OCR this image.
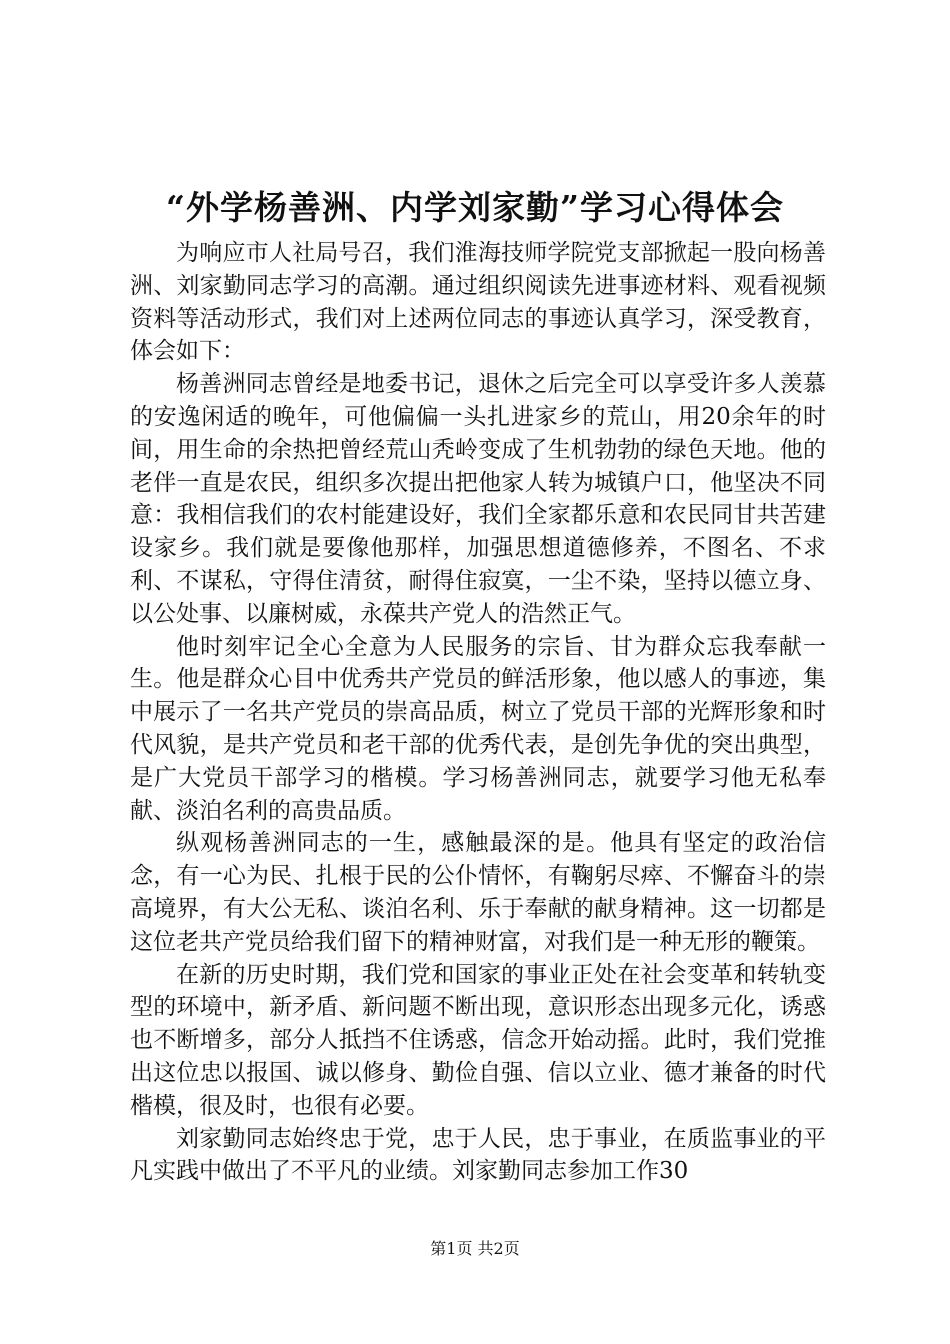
“外学杨善洲、内学刘家勤”学习心得体会

为响应市人社局号召，我们淮海技师学院党支部掀起一股向杨善洲、刘家勤同志学习的高潮。通过组织阅读先进事迹材料、观看视频资料等活动形式，我们对上述两位同志的事迹认真学习，深受教育，体会如下：

杨善洲同志曾经是地委书记，退休之后完全可以享受许多人羡慕的安逸闲适的晚年，可他偏偏一头扎进家乡的荒山，用20余年的时间，用生命的余热把曾经荒山秃岭变成了生机勃勃的绿色天地。他的老伴一直是农民，组织多次提出把他家人转为城镇户口，他坚决不同意：我相信我们的农村能建设好，我们全家都乐意和农民同甘共苦建设家乡。我们就是要像他那样，加强思想道德修养，不图名、不求利、不谋私，守得住清贫，耐得住寂寞，一尘不染，坚持以德立身、以公处事、以廉树威，永葆共产党人的浩然正气。

他时刻牢记全心全意为人民服务的宗旨、甘为群众忘我奉献一生。他是群众心目中优秀共产党员的鲜活形象，他以感人的事迹，集中展示了一名共产党员的崇高品质，树立了党员干部的光辉形象和时代风貌，是共产党员和老干部的优秀代表，是创先争优的突出典型，是广大党员干部学习的楷模。学习杨善洲同志，就要学习他无私奉献、淡泊名利的高贵品质。

纵观杨善洲同志的一生，感触最深的是。他具有坚定的政治信念，有一心为民、扎根于民的公仆情怀，有鞠躬尽瘁、不懈奋斗的崇高境界，有大公无私、谈泊名利、乐于奉献的献身精神。这一切都是这位老共产党员给我们留下的精神财富，对我们是一种无形的鞭策。

在新的历史时期，我们党和国家的事业正处在社会变革和转轨变型的环境中，新矛盾、新问题不断出现，意识形态出现多元化，诱惑也不断增多，部分人抵挡不住诱惑，信念开始动摇。此时，我们党推出这位忠以报国、诚以修身、勤俭自强、信以立业、德才兼备的时代楷模，很及时，也很有必要。

刘家勤同志始终忠于党，忠于人民，忠于事业，在质监事业的平凡实践中做出了不平凡的业绩。刘家勤同志参加工作30

第1页 共2页
